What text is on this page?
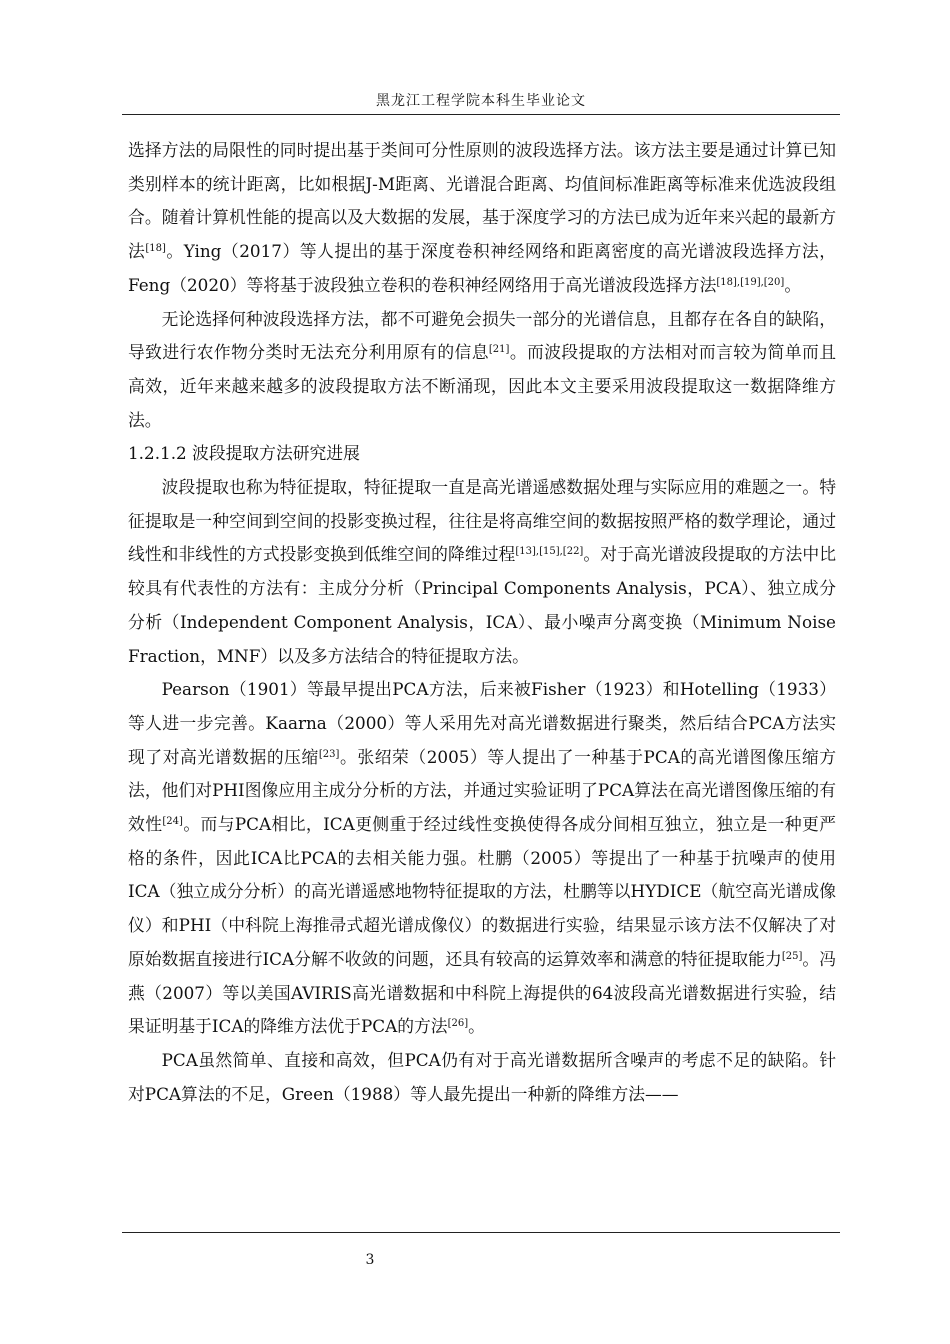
黑龙江工程学院本科生毕业论文

选择方法的局限性的同时提出基于类间可分性原则的波段选择方法。该方法主要是通过计算已知类别样本的统计距离，比如根据J-M距离、光谱混合距离、均值间标准距离等标准来优选波段组合。随着计算机性能的提高以及大数据的发展，基于深度学习的方法已成为近年来兴起的最新方法[18]。Ying（2017）等人提出的基于深度卷积神经网络和距离密度的高光谱波段选择方法，Feng（2020）等将基于波段独立卷积的卷积神经网络用于高光谱波段选择方法[18],[19],[20]。

无论选择何种波段选择方法，都不可避免会损失一部分的光谱信息，且都存在各自的缺陷，导致进行农作物分类时无法充分利用原有的信息[21]。而波段提取的方法相对而言较为简单而且高效，近年来越来越多的波段提取方法不断涌现，因此本文主要采用波段提取这一数据降维方法。

1.2.1.2 波段提取方法研究进展

波段提取也称为特征提取，特征提取一直是高光谱遥感数据处理与实际应用的难题之一。特征提取是一种空间到空间的投影变换过程，往往是将高维空间的数据按照严格的数学理论，通过线性和非线性的方式投影变换到低维空间的降维过程[13],[15],[22]。对于高光谱波段提取的方法中比较具有代表性的方法有：主成分分析（Principal Components Analysis，PCA）、独立成分分析（Independent Component Analysis，ICA）、最小噪声分离变换（Minimum Noise Fraction，MNF）以及多方法结合的特征提取方法。

Pearson（1901）等最早提出PCA方法，后来被Fisher（1923）和Hotelling（1933）等人进一步完善。Kaarna（2000）等人采用先对高光谱数据进行聚类，然后结合PCA方法实现了对高光谱数据的压缩[23]。张绍荣（2005）等人提出了一种基于PCA的高光谱图像压缩方法，他们对PHI图像应用主成分分析的方法，并通过实验证明了PCA算法在高光谱图像压缩的有效性[24]。而与PCA相比，ICA更侧重于经过线性变换使得各成分间相互独立，独立是一种更严格的条件，因此ICA比PCA的去相关能力强。杜鹏（2005）等提出了一种基于抗噪声的使用ICA（独立成分分析）的高光谱遥感地物特征提取的方法，杜鹏等以HYDICE（航空高光谱成像仪）和PHI（中科院上海推帚式超光谱成像仪）的数据进行实验，结果显示该方法不仅解决了对原始数据直接进行ICA分解不收敛的问题，还具有较高的运算效率和满意的特征提取能力[25]。冯燕（2007）等以美国AVIRIS高光谱数据和中科院上海提供的64波段高光谱数据进行实验，结果证明基于ICA的降维方法优于PCA的方法[26]。

PCA虽然简单、直接和高效，但PCA仍有对于高光谱数据所含噪声的考虑不足的缺陷。针对PCA算法的不足，Green（1988）等人最先提出一种新的降维方法——

3
